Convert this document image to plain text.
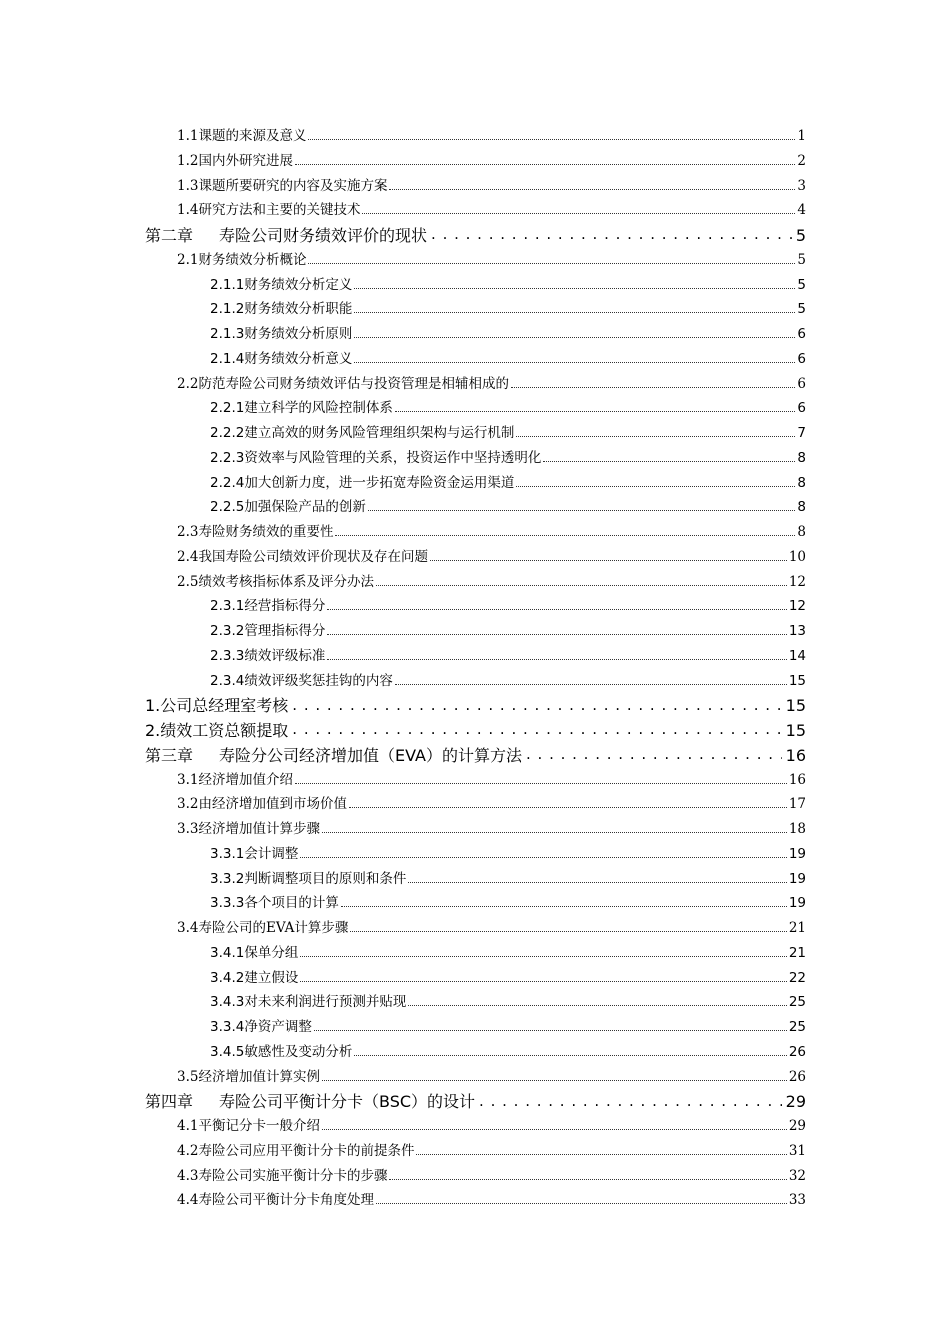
1.1课题的来源及意义	1
1.2国内外研究进展	2
1.3课题所要研究的内容及实施方案	3
1.4研究方法和主要的关键技术	4
第二章 寿险公司财务绩效评价的现状 . . .	5
2.1财务绩效分析概论	5
2.1.1财务绩效分析定义	5
2.1.2财务绩效分析职能	5
2.1.3财务绩效分析原则	6
2.1.4财务绩效分析意义	6
2.2防范寿险公司财务绩效评估与投资管理是相辅相成的	6
2.2.1建立科学的风险控制体系	6
2.2.2建立高效的财务风险管理组织架构与运行机制	7
2.2.3资效率与风险管理的关系，投资运作中坚持透明化	8
2.2.4加大创新力度，进一步拓宽寿险资金运用渠道	8
2.2.5加强保险产品的创新	8
2.3寿险财务绩效的重要性	8
2.4我国寿险公司绩效评价现状及存在问题	10
2.5绩效考核指标体系及评分办法	12
2.3.1经营指标得分	12
2.3.2管理指标得分	13
2.3.3绩效评级标准	14
2.3.4绩效评级奖惩挂钩的内容	15
1.公司总经理室考核 . . .	15
2.绩效工资总额提取 . . .	15
第三章 寿险分公司经济增加值（EVA）的计算方法 . . .	16
3.1经济增加值介绍	16
3.2由经济增加值到市场价值	17
3.3经济增加值计算步骤	18
3.3.1会计调整	19
3.3.2判断调整项目的原则和条件	19
3.3.3各个项目的计算	19
3.4寿险公司的EVA计算步骤	21
3.4.1保单分组	21
3.4.2建立假设	22
3.4.3对未来利润进行预测并贴现	25
3.3.4净资产调整	25
3.4.5敏感性及变动分析	26
3.5经济增加值计算实例	26
第四章 寿险公司平衡计分卡（BSC）的设计 . . .	29
4.1平衡记分卡一般介绍	29
4.2寿险公司应用平衡计分卡的前提条件	31
4.3寿险公司实施平衡计分卡的步骤	32
4.4寿险公司平衡计分卡角度处理	33
